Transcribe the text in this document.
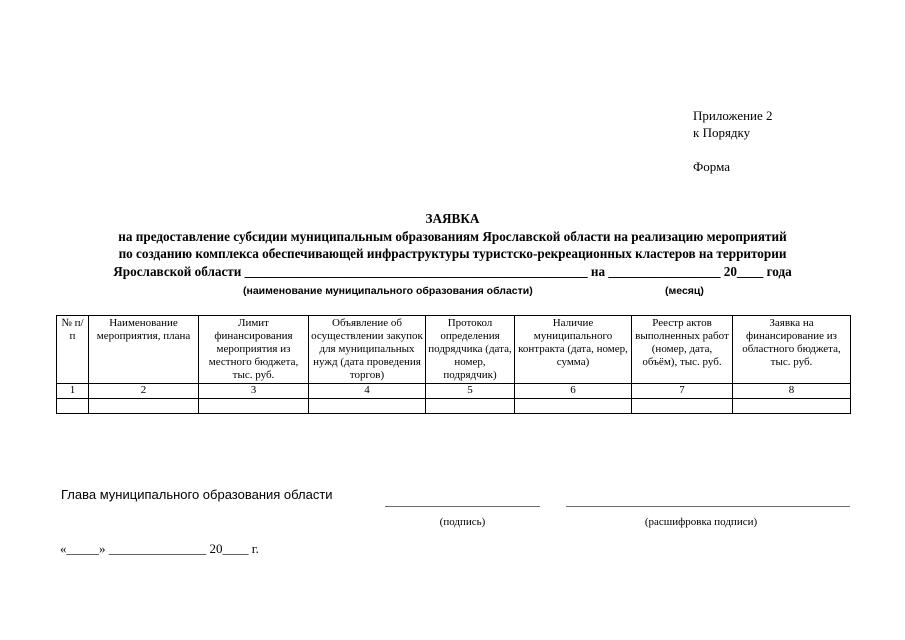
Приложение 2
к Порядку
Форма
ЗАЯВКА
на предоставление субсидии муниципальным образованиям Ярославской области на реализацию мероприятий
по созданию комплекса обеспечивающей инфраструктуры туристско-рекреационных кластеров на территории
Ярославской области ____________________________________________________ на _________________ 20____ года
(наименование муниципального образования области)	(месяц)
№ п/п	Наименование мероприятия, плана	Лимит финансирования мероприятия из местного бюджета, тыс. руб.	Объявление об осуществлении закупок для муниципальных нужд (дата проведения торгов)	Протокол определения подрядчика (дата, номер, подрядчик)	Наличие муниципального контракта (дата, номер, сумма)	Реестр актов выполненных работ (номер, дата, объём), тыс. руб.	Заявка на финансирование из областного бюджета, тыс. руб.
1	2	3	4	5	6	7	8

Глава муниципального образования области
(подпись)	(расшифровка подписи)
«_____» _______________ 20____ г.
